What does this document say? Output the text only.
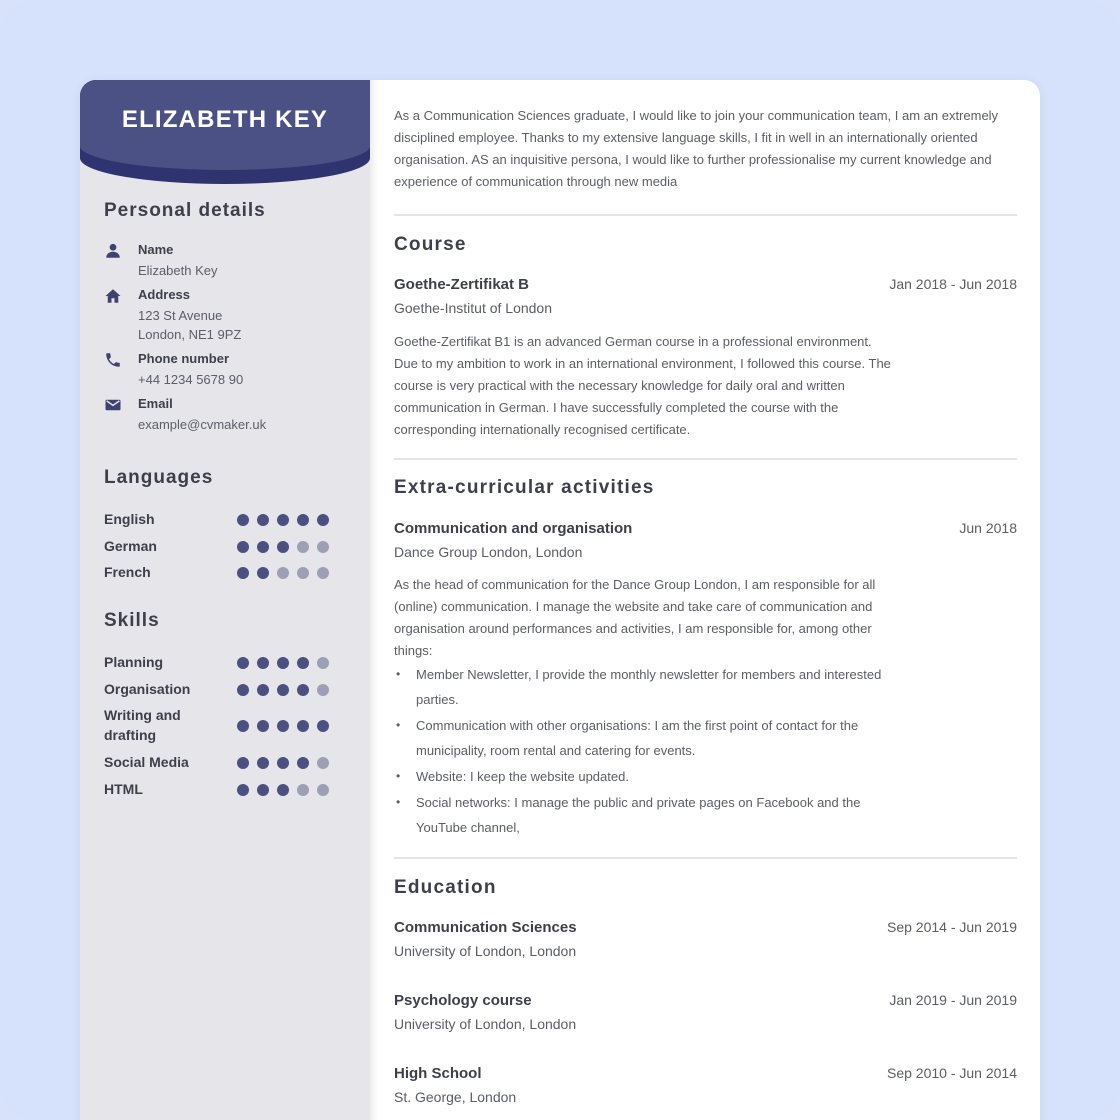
ELIZABETH KEY
Personal details
Name
Elizabeth Key
Address
123 St Avenue
London, NE1 9PZ
Phone number
+44 1234 5678 90
Email
example@cvmaker.uk
Languages
English
German
French
Skills
Planning
Organisation
Writing and drafting
Social Media
HTML
As a Communication Sciences graduate, I would like to join your communication team, I am an extremely disciplined employee. Thanks to my extensive language skills, I fit in well in an internationally oriented organisation. AS an inquisitive persona, I would like to further professionalise my current knowledge and experience of communication through new media
Course
Goethe-Zertifikat B	Jan 2018 - Jun 2018
Goethe-Institut of London
Goethe-Zertifikat B1 is an advanced German course in a professional environment. Due to my ambition to work in an international environment, I followed this course. The course is very practical with the necessary knowledge for daily oral and written communication in German. I have successfully completed the course with the corresponding internationally recognised certificate.
Extra-curricular activities
Communication and organisation	Jun 2018
Dance Group London, London
As the head of communication for the Dance Group London, I am responsible for all (online) communication. I manage the website and take care of communication and organisation around performances and activities, I am responsible for, among other things:
• Member Newsletter, I provide the monthly newsletter for members and interested parties.
• Communication with other organisations: I am the first point of contact for the municipality, room rental and catering for events.
• Website: I keep the website updated.
• Social networks: I manage the public and private pages on Facebook and the YouTube channel,
Education
Communication Sciences	Sep 2014 - Jun 2019
University of London, London
Psychology course	Jan 2019 - Jun 2019
University of London, London
High School	Sep 2010 - Jun 2014
St. George, London
